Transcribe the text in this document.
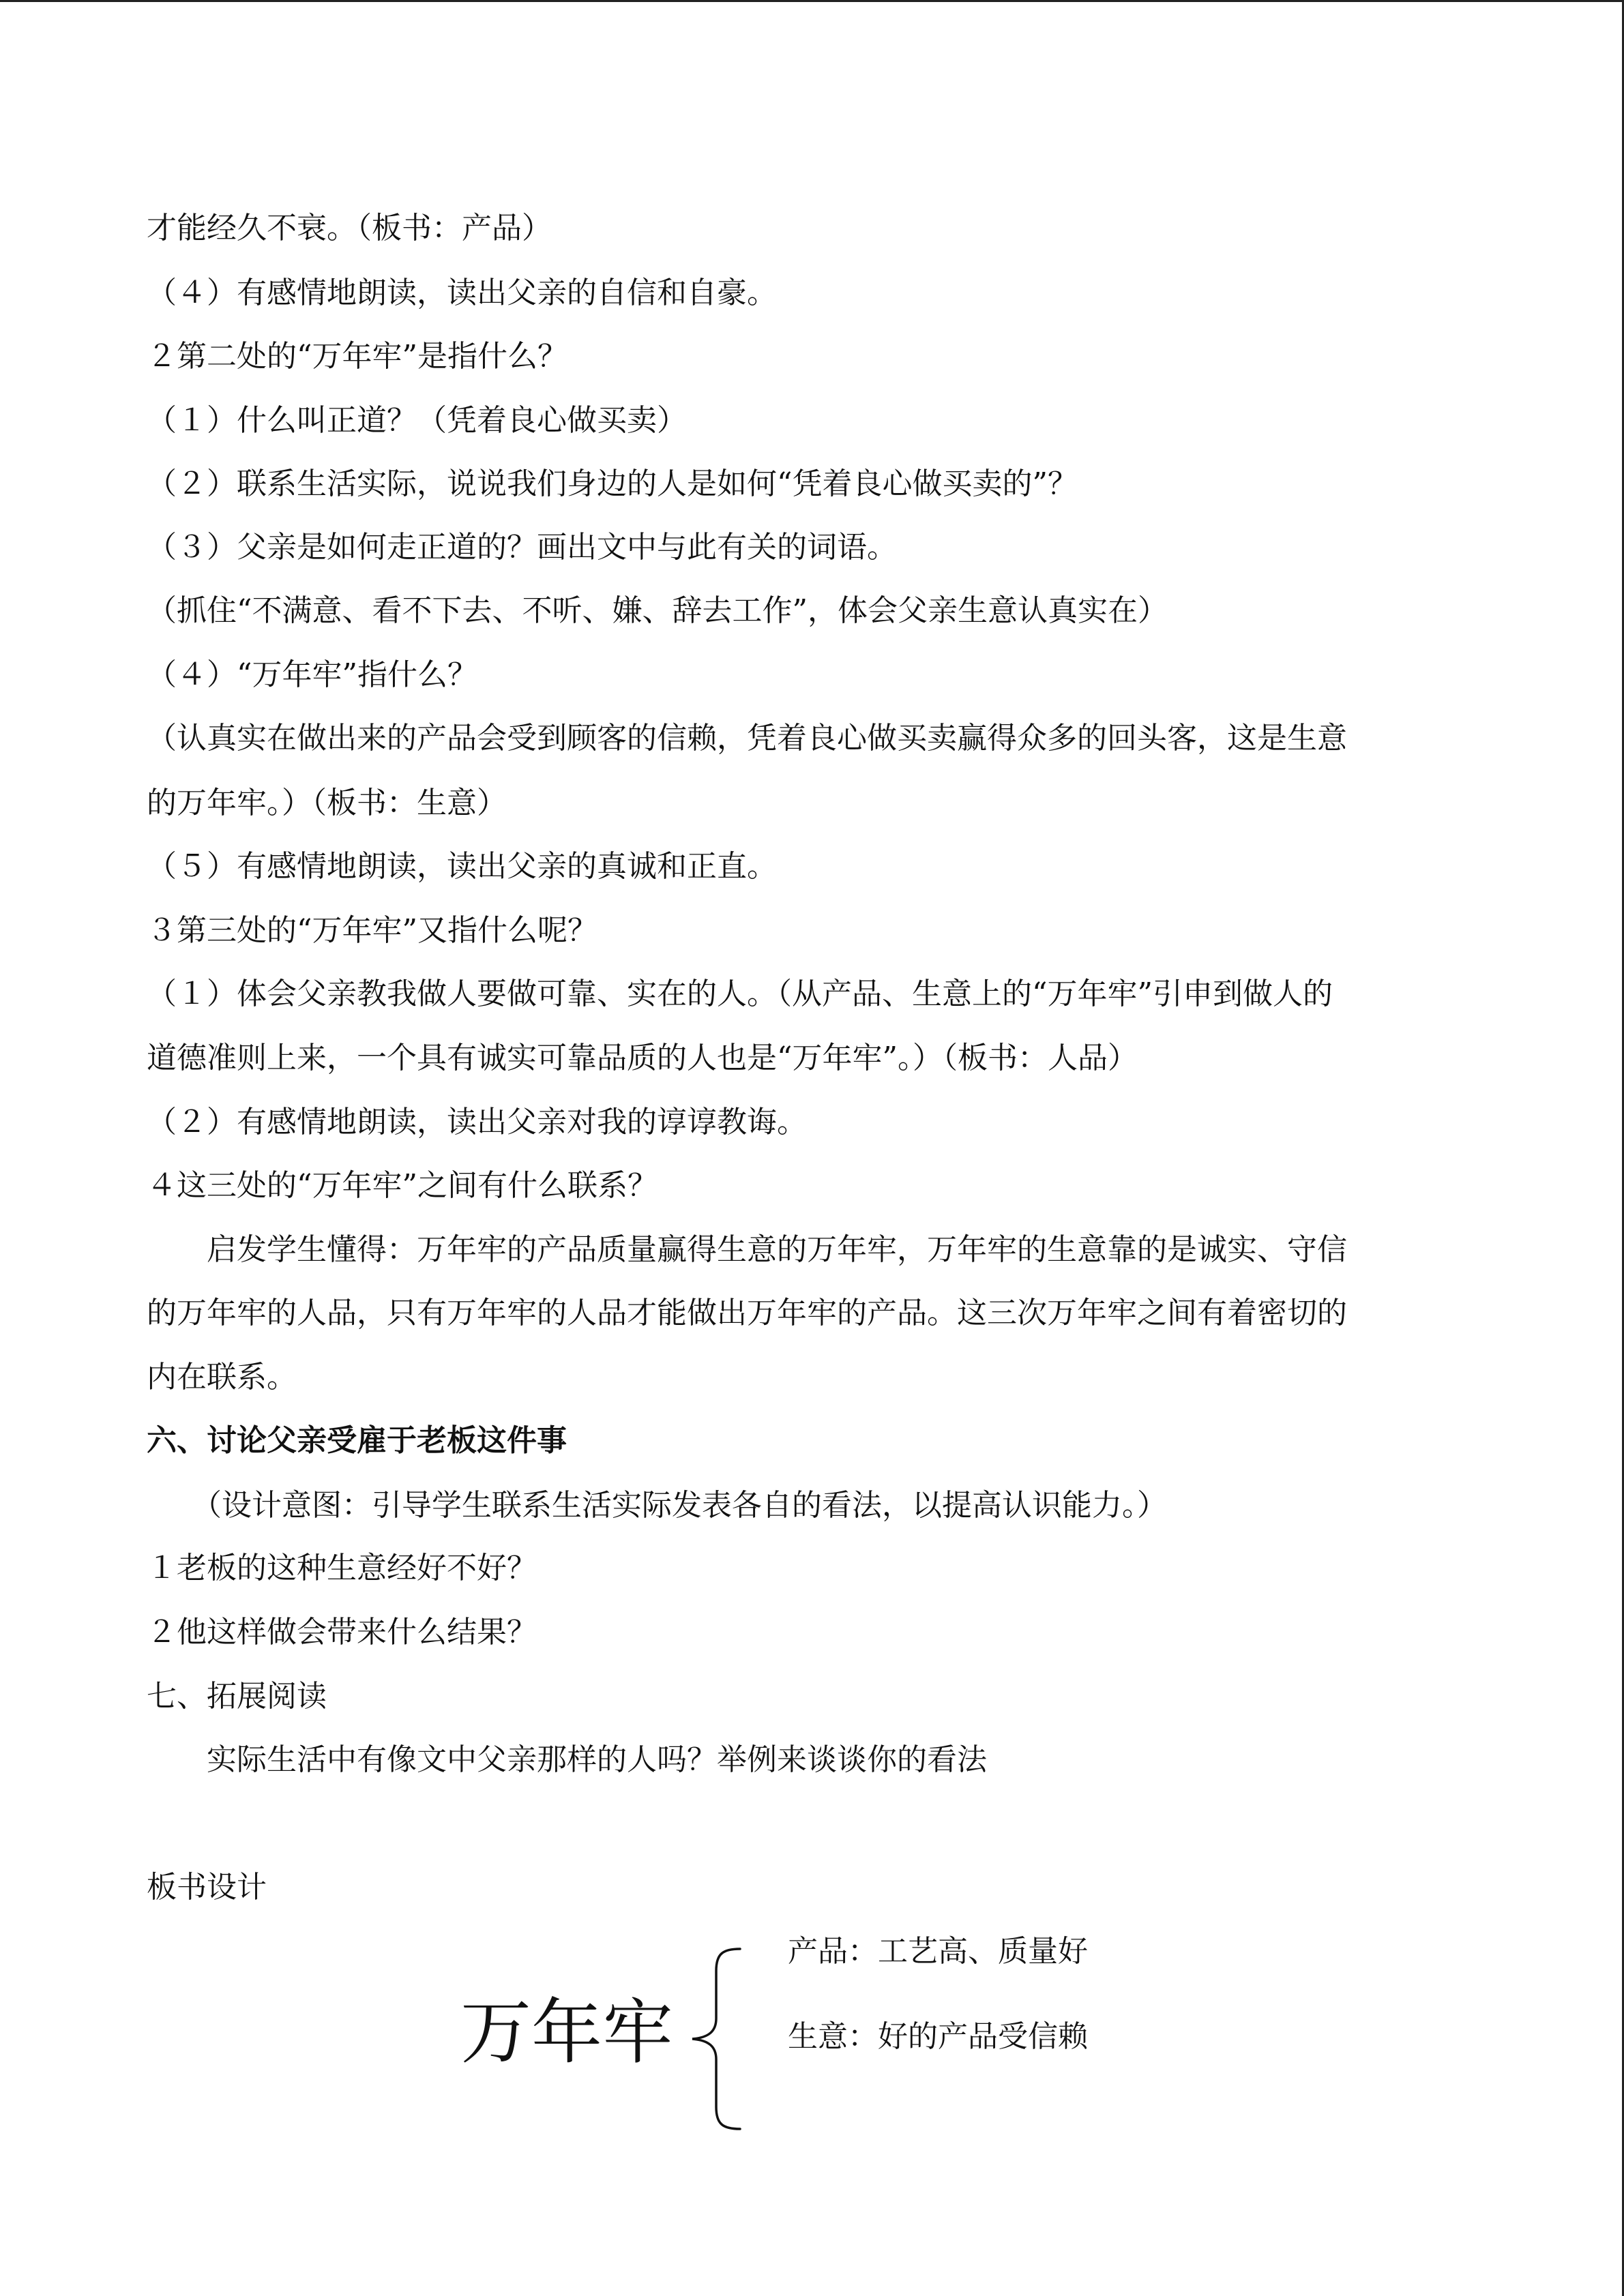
才能经久不衰。（板书：产品）
（４）有感情地朗读，读出父亲的自信和自豪。
２第二处的“万年牢”是指什么？
（１）什么叫正道？（凭着良心做买卖）
（２）联系生活实际，说说我们身边的人是如何“凭着良心做买卖的”？
（３）父亲是如何走正道的？画出文中与此有关的词语。
（抓住“不满意、看不下去、不听、嫌、辞去工作”，体会父亲生意认真实在）
（４）“万年牢”指什么？
（认真实在做出来的产品会受到顾客的信赖，凭着良心做买卖赢得众多的回头客，这是生意
的万年牢。）（板书：生意）
（５）有感情地朗读，读出父亲的真诚和正直。
３第三处的“万年牢”又指什么呢？
（１）体会父亲教我做人要做可靠、实在的人。（从产品、生意上的“万年牢”引申到做人的
道德准则上来，一个具有诚实可靠品质的人也是“万年牢”。）（板书：人品）
（２）有感情地朗读，读出父亲对我的谆谆教诲。
４这三处的“万年牢”之间有什么联系？
　　启发学生懂得：万年牢的产品质量赢得生意的万年牢，万年牢的生意靠的是诚实、守信
的万年牢的人品，只有万年牢的人品才能做出万年牢的产品。这三次万年牢之间有着密切的
内在联系。
六、讨论父亲受雇于老板这件事
　　（设计意图：引导学生联系生活实际发表各自的看法，以提高认识能力。）
１老板的这种生意经好不好？
２他这样做会带来什么结果？
七、拓展阅读
　　实际生活中有像文中父亲那样的人吗？举例来谈谈你的看法
板书设计
万年牢
产品：工艺高、质量好
生意：好的产品受信赖
